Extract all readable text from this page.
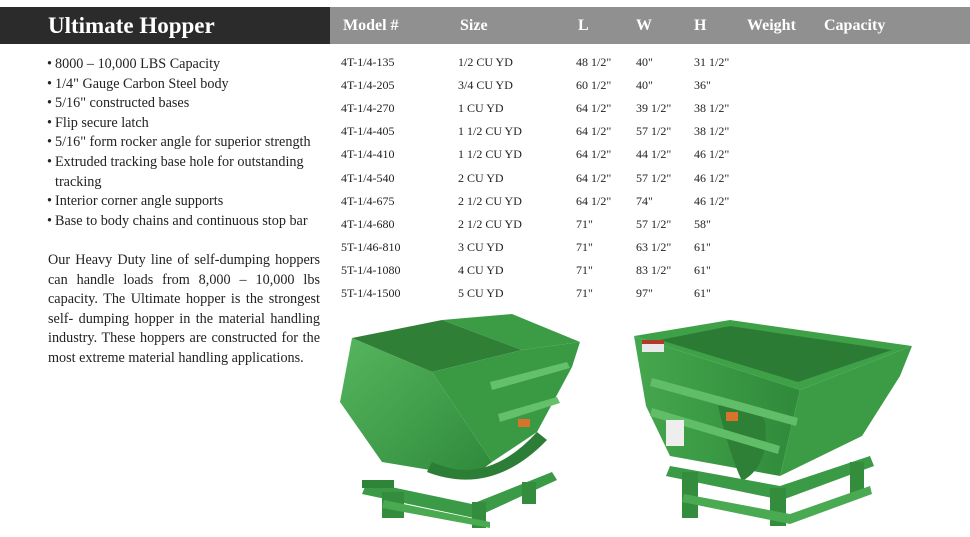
Ultimate Hopper	Model #	Size	L	W	H	Weight Capacity
• 8000 – 10,000 LBS Capacity
• 1/4" Gauge Carbon Steel body
• 5/16" constructed bases
• Flip secure latch
• 5/16" form rocker angle for superior strength
• Extruded tracking base hole for outstanding tracking
• Interior corner angle supports
• Base to body chains and continuous stop bar

Our Heavy Duty line of self-dumping hoppers can handle loads from 8,000 – 10,000 lbs capacity. The Ultimate hopper is the strongest self- dumping hopper in the material handling industry. These hoppers are constructed for the most extreme material handling applications.

4T-1/4-135	1/2 CU YD	48 1/2" 40"	31 1/2"
4T-1/4-205	3/4 CU YD	60 1/2" 40"	36"
4T-1/4-270	1 CU YD	64 1/2" 39 1/2" 38 1/2"
4T-1/4-405	1 1/2 CU YD	64 1/2" 57 1/2" 38 1/2"
4T-1/4-410	1 1/2 CU YD	64 1/2" 44 1/2" 46 1/2"
4T-1/4-540	2 CU YD	64 1/2" 57 1/2" 46 1/2"
4T-1/4-675	2 1/2 CU YD	64 1/2" 74"	46 1/2"
4T-1/4-680	2 1/2 CU YD	71"	57 1/2" 58"
5T-1/46-810	3 CU YD	71"	63 1/2" 61"
5T-1/4-1080	4 CU YD	71"	83 1/2" 61"
5T-1/4-1500	5 CU YD	71"	97"	61"
